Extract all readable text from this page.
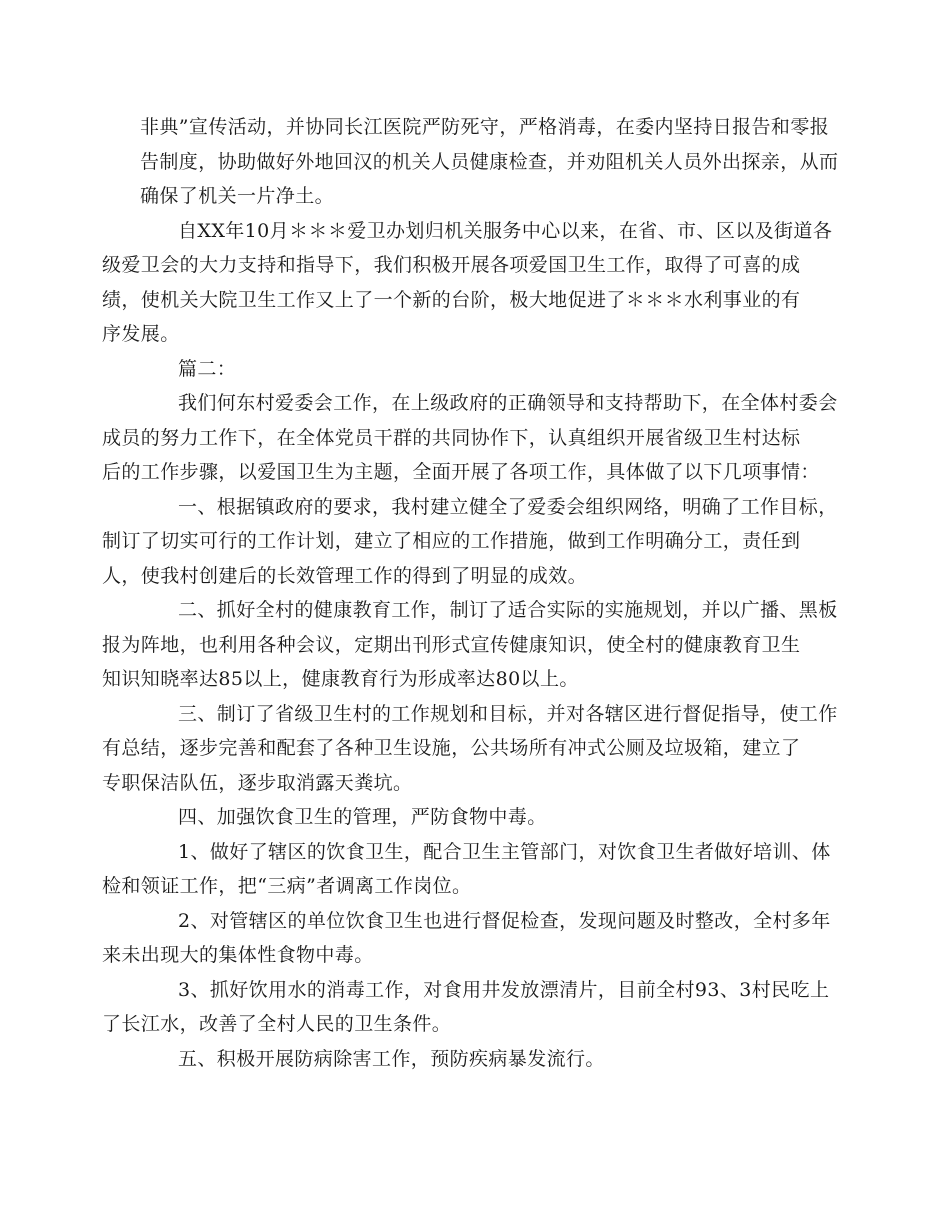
非典”宣传活动，并协同长江医院严防死守，严格消毒，在委内坚持日报告和零报
告制度，协助做好外地回汉的机关人员健康检查，并劝阻机关人员外出探亲，从而
确保了机关一片净土。
自XX年10月＊＊＊爱卫办划归机关服务中心以来，在省、市、区以及街道各
级爱卫会的大力支持和指导下，我们积极开展各项爱国卫生工作，取得了可喜的成
绩，使机关大院卫生工作又上了一个新的台阶，极大地促进了＊＊＊水利事业的有
序发展。
篇二：
我们何东村爱委会工作，在上级政府的正确领导和支持帮助下，在全体村委会
成员的努力工作下，在全体党员干群的共同协作下，认真组织开展省级卫生村达标
后的工作步骤，以爱国卫生为主题，全面开展了各项工作，具体做了以下几项事情：
一、根据镇政府的要求，我村建立健全了爱委会组织网络，明确了工作目标，
制订了切实可行的工作计划，建立了相应的工作措施，做到工作明确分工，责任到
人，使我村创建后的长效管理工作的得到了明显的成效。
二、抓好全村的健康教育工作，制订了适合实际的实施规划，并以广播、黑板
报为阵地，也利用各种会议，定期出刊形式宣传健康知识，使全村的健康教育卫生
知识知晓率达85以上，健康教育行为形成率达80以上。
三、制订了省级卫生村的工作规划和目标，并对各辖区进行督促指导，使工作
有总结，逐步完善和配套了各种卫生设施，公共场所有冲式公厕及垃圾箱，建立了
专职保洁队伍，逐步取消露天粪坑。
四、加强饮食卫生的管理，严防食物中毒。
1、做好了辖区的饮食卫生，配合卫生主管部门，对饮食卫生者做好培训、体
检和领证工作，把“三病”者调离工作岗位。
2、对管辖区的单位饮食卫生也进行督促检查，发现问题及时整改，全村多年
来未出现大的集体性食物中毒。
3、抓好饮用水的消毒工作，对食用井发放漂清片，目前全村93、3村民吃上
了长江水，改善了全村人民的卫生条件。
五、积极开展防病除害工作，预防疾病暴发流行。
